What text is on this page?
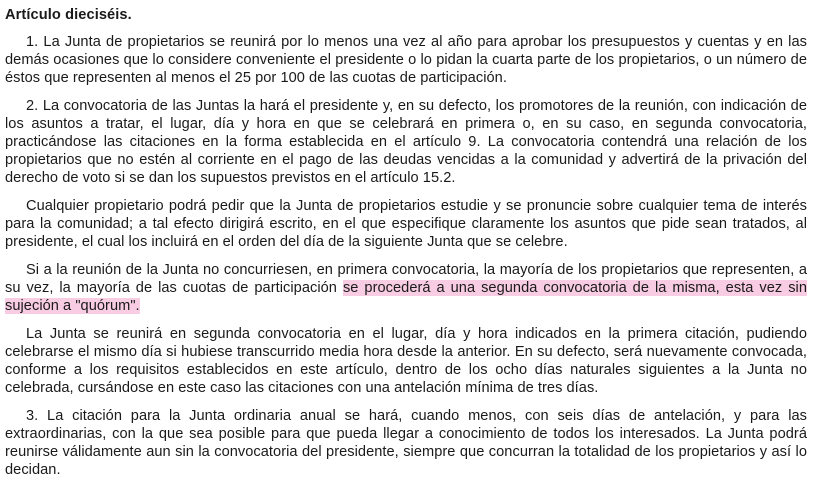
Artículo dieciséis.

1. La Junta de propietarios se reunirá por lo menos una vez al año para aprobar los presupuestos y cuentas y en las demás ocasiones que lo considere conveniente el presidente o lo pidan la cuarta parte de los propietarios, o un número de éstos que representen al menos el 25 por 100 de las cuotas de participación.

2. La convocatoria de las Juntas la hará el presidente y, en su defecto, los promotores de la reunión, con indicación de los asuntos a tratar, el lugar, día y hora en que se celebrará en primera o, en su caso, en segunda convocatoria, practicándose las citaciones en la forma establecida en el artículo 9. La convocatoria contendrá una relación de los propietarios que no estén al corriente en el pago de las deudas vencidas a la comunidad y advertirá de la privación del derecho de voto si se dan los supuestos previstos en el artículo 15.2.

Cualquier propietario podrá pedir que la Junta de propietarios estudie y se pronuncie sobre cualquier tema de interés para la comunidad; a tal efecto dirigirá escrito, en el que especifique claramente los asuntos que pide sean tratados, al presidente, el cual los incluirá en el orden del día de la siguiente Junta que se celebre.

Si a la reunión de la Junta no concurriesen, en primera convocatoria, la mayoría de los propietarios que representen, a su vez, la mayoría de las cuotas de participación se procederá a una segunda convocatoria de la misma, esta vez sin sujeción a "quórum".

La Junta se reunirá en segunda convocatoria en el lugar, día y hora indicados en la primera citación, pudiendo celebrarse el mismo día si hubiese transcurrido media hora desde la anterior. En su defecto, será nuevamente convocada, conforme a los requisitos establecidos en este artículo, dentro de los ocho días naturales siguientes a la Junta no celebrada, cursándose en este caso las citaciones con una antelación mínima de tres días.

3. La citación para la Junta ordinaria anual se hará, cuando menos, con seis días de antelación, y para las extraordinarias, con la que sea posible para que pueda llegar a conocimiento de todos los interesados. La Junta podrá reunirse válidamente aun sin la convocatoria del presidente, siempre que concurran la totalidad de los propietarios y así lo decidan.
